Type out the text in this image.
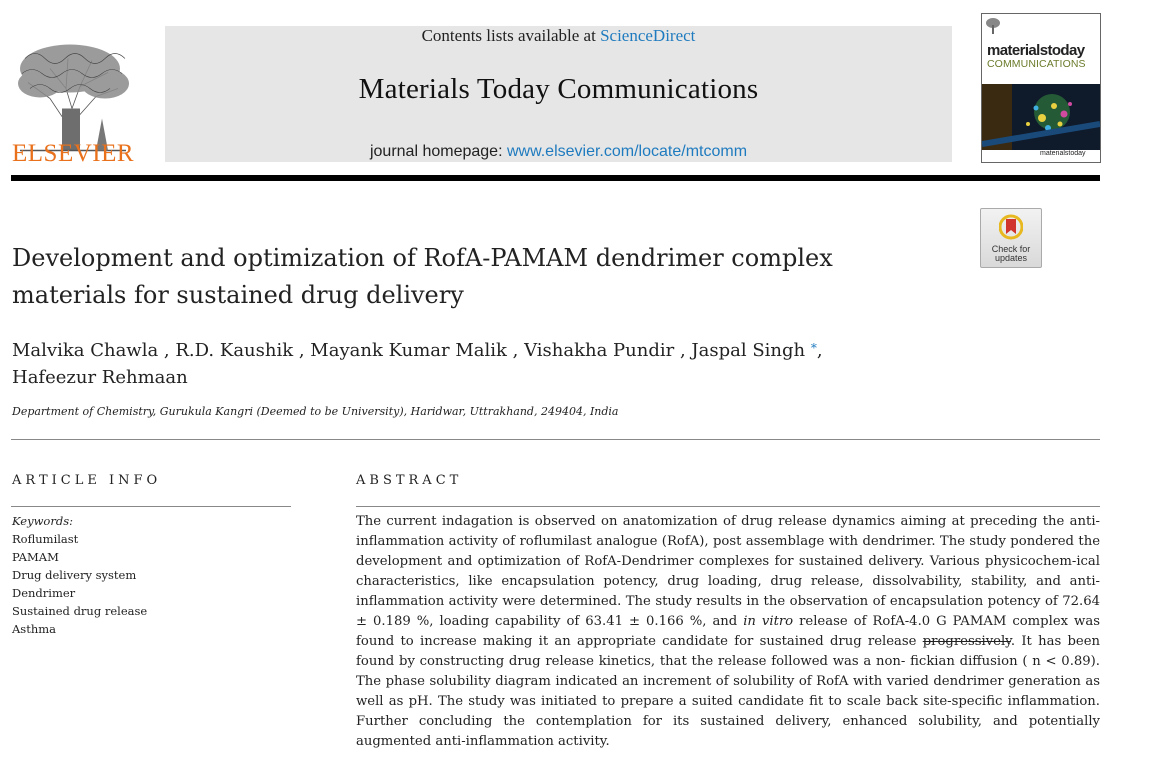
ELSEVIER
Contents lists available at ScienceDirect
Materials Today Communications
journal homepage: www.elsevier.com/locate/mtcomm
materialstoday
COMMUNICATIONS
materialstoday
Check for
updates
Development and optimization of RofA-PAMAM dendrimer complex
materials for sustained drug delivery
Malvika Chawla , R.D. Kaushik , Mayank Kumar Malik , Vishakha Pundir , Jaspal Singh *,
Hafeezur Rehmaan
Department of Chemistry, Gurukula Kangri (Deemed to be University), Haridwar, Uttrakhand, 249404, India
ARTICLE INFO
Keywords:
Roflumilast
PAMAM
Drug delivery system
Dendrimer
Sustained drug release
Asthma
ABSTRACT
The current indagation is observed on anatomization of drug release dynamics aiming at preceding the anti-inflammation activity of roflumilast analogue (RofA), post assemblage with dendrimer. The study pondered the development and optimization of RofA-Dendrimer complexes for sustained delivery. Various physicochem-ical characteristics, like encapsulation potency, drug loading, drug release, dissolvability, stability, and anti-inflammation activity were determined. The study results in the observation of encapsulation potency of 72.64 ± 0.189 %, loading capability of 63.41 ± 0.166 %, and in vitro release of RofA-4.0 G PAMAM complex was found to increase making it an appropriate candidate for sustained drug release progressively. It has been found by constructing drug release kinetics, that the release followed was a non- fickian diffusion ( n < 0.89). The phase solubility diagram indicated an increment of solubility of RofA with varied dendrimer generation as well as pH. The study was initiated to prepare a suited candidate fit to scale back site-specific inflammation. Further concluding the contemplation for its sustained delivery, enhanced solubility, and potentially augmented anti-inflammation activity.
